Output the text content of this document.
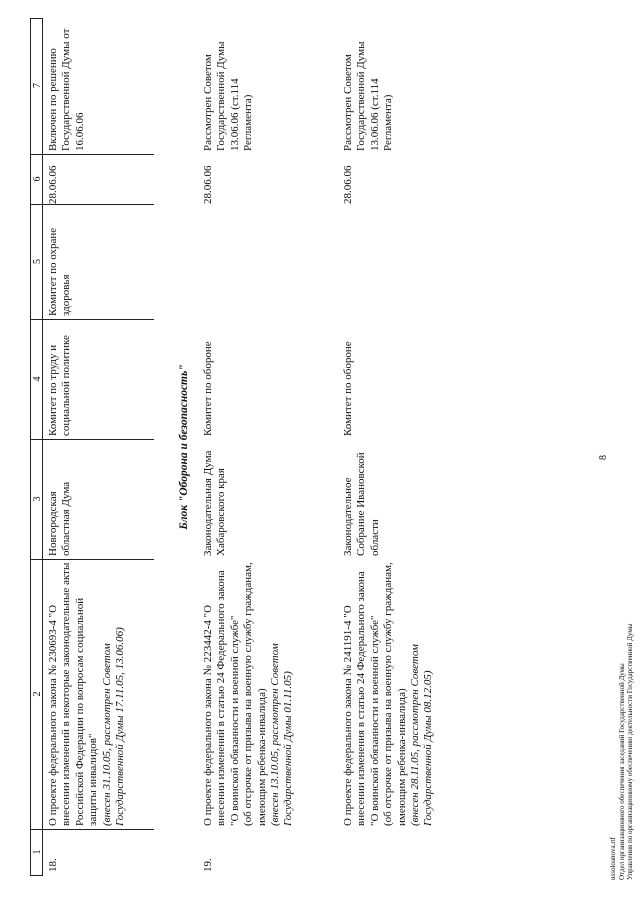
8
1
2
3
4
5
6
7
18.
О проекте федерального закона № 230693-4 "О внесении изменений в некоторые законодательные акты Российской Федерации по вопросам социальной защиты инвалидов" (внесен 31.10.05, рассмотрен Советом Государственной Думы 17.11.05, 13.06.06)
Новгородская областная Дума
Комитет по труду и социальной политике
Комитет по охране здоровья
28.06.06
Включен по решению Государственной Думы от 16.06.06
Блок "Оборона и безопасность"
19.
О проекте федерального закона № 223442-4 "О внесении изменений в статью 24 Федерального закона "О воинской обязанности и военной службе" (об отсрочке от призыва на военную службу гражданам, имеющим ребенка-инвалида) (внесен 13.10.05, рассмотрен Советом Государственной Думы 01.11.05)
Законодательная Дума Хабаровского края
Комитет по обороне
28.06.06
Рассмотрен Советом Государственной Думы 13.06.06 (ст.114 Регламента)
О проекте федерального закона № 241191-4 "О внесении изменения в статью 24 Федерального закона "О воинской обязанности и военной службе" (об отсрочке от призыва на военную службу гражданам, имеющим ребенка-инвалида) (внесен 28.11.05, рассмотрен Советом Государственной Думы 08.12.05)
Законодательное Собрание Ивановской области
Комитет по обороне
28.06.06
Рассмотрен Советом Государственной Думы 13.06.06 (ст.114 Регламента)
ussoloanova.rtf Отдел организационного обеспечения заседаний Государственной Думы Управления по организационному обеспечению деятельности Государственной Думы
